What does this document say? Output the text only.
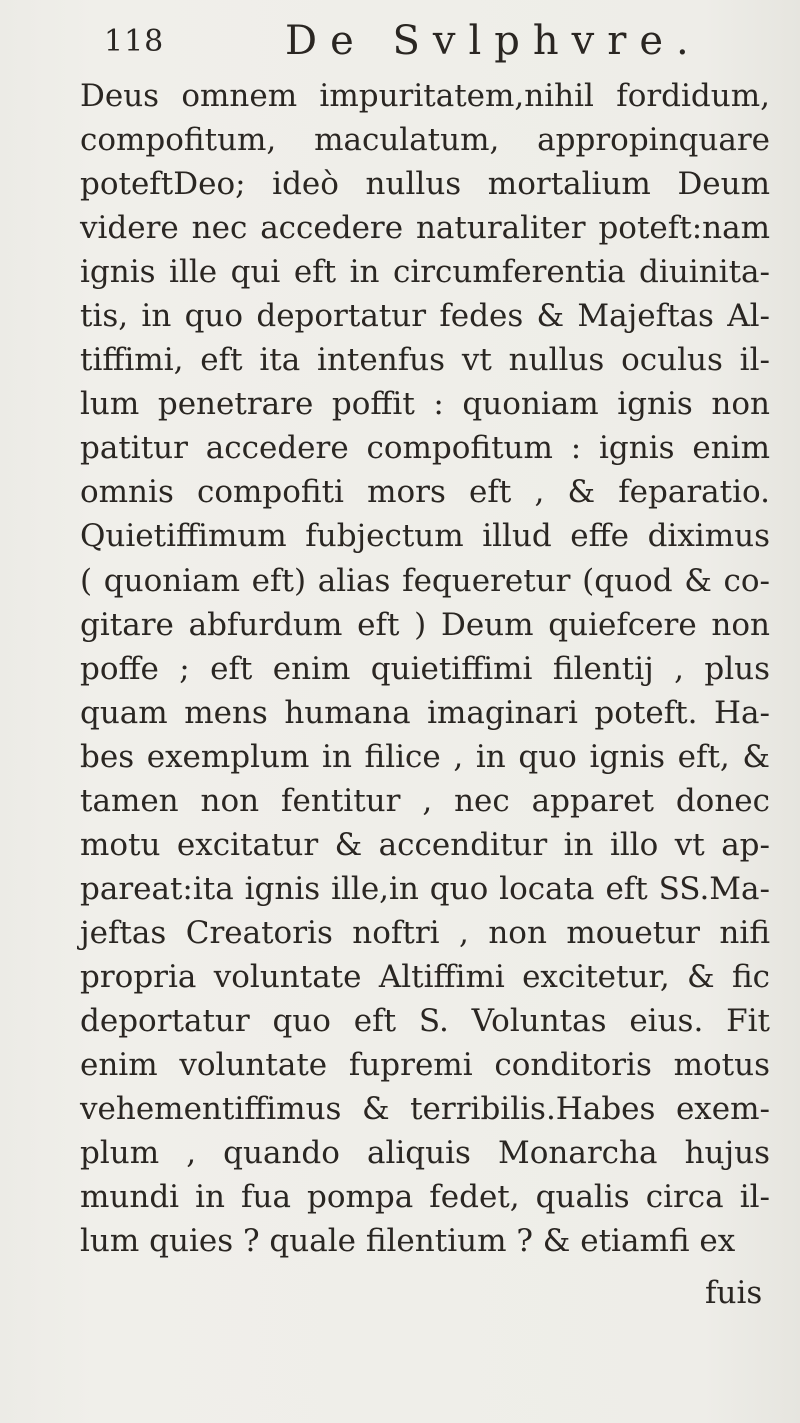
118	De Svlphvre.
Deus omnem impuritatem,nihil fordidum,
compofitum, maculatum, appropinquare
poteftDeo; ideò nullus mortalium Deum
videre nec accedere naturaliter poteft:nam
ignis ille qui eft in circumferentia diuinita-
tis, in quo deportatur fedes & Majeftas Al-
tiffimi, eft ita intenfus vt nullus oculus il-
lum penetrare poffit : quoniam ignis non
patitur accedere compofitum : ignis enim
omnis compofiti mors eft , & feparatio.
Quietiffimum fubjectum illud effe diximus
( quoniam eft) alias fequeretur (quod & co-
gitare abfurdum eft ) Deum quiefcere non
poffe ; eft enim quietiffimi filentij , plus
quam mens humana imaginari poteft. Ha-
bes exemplum in filice , in quo ignis eft, &
tamen non fentitur , nec apparet donec
motu excitatur & accenditur in illo vt ap-
pareat:ita ignis ille,in quo locata eft SS.Ma-
jeftas Creatoris noftri , non mouetur nifi
propria voluntate Altiffimi excitetur, & fic
deportatur quo eft S. Voluntas eius. Fit
enim voluntate fupremi conditoris motus
vehementiffimus & terribilis.Habes exem-
plum , quando aliquis Monarcha hujus
mundi in fua pompa fedet, qualis circa il-
lum quies ? quale filentium ? & etiamfi ex
fuis
